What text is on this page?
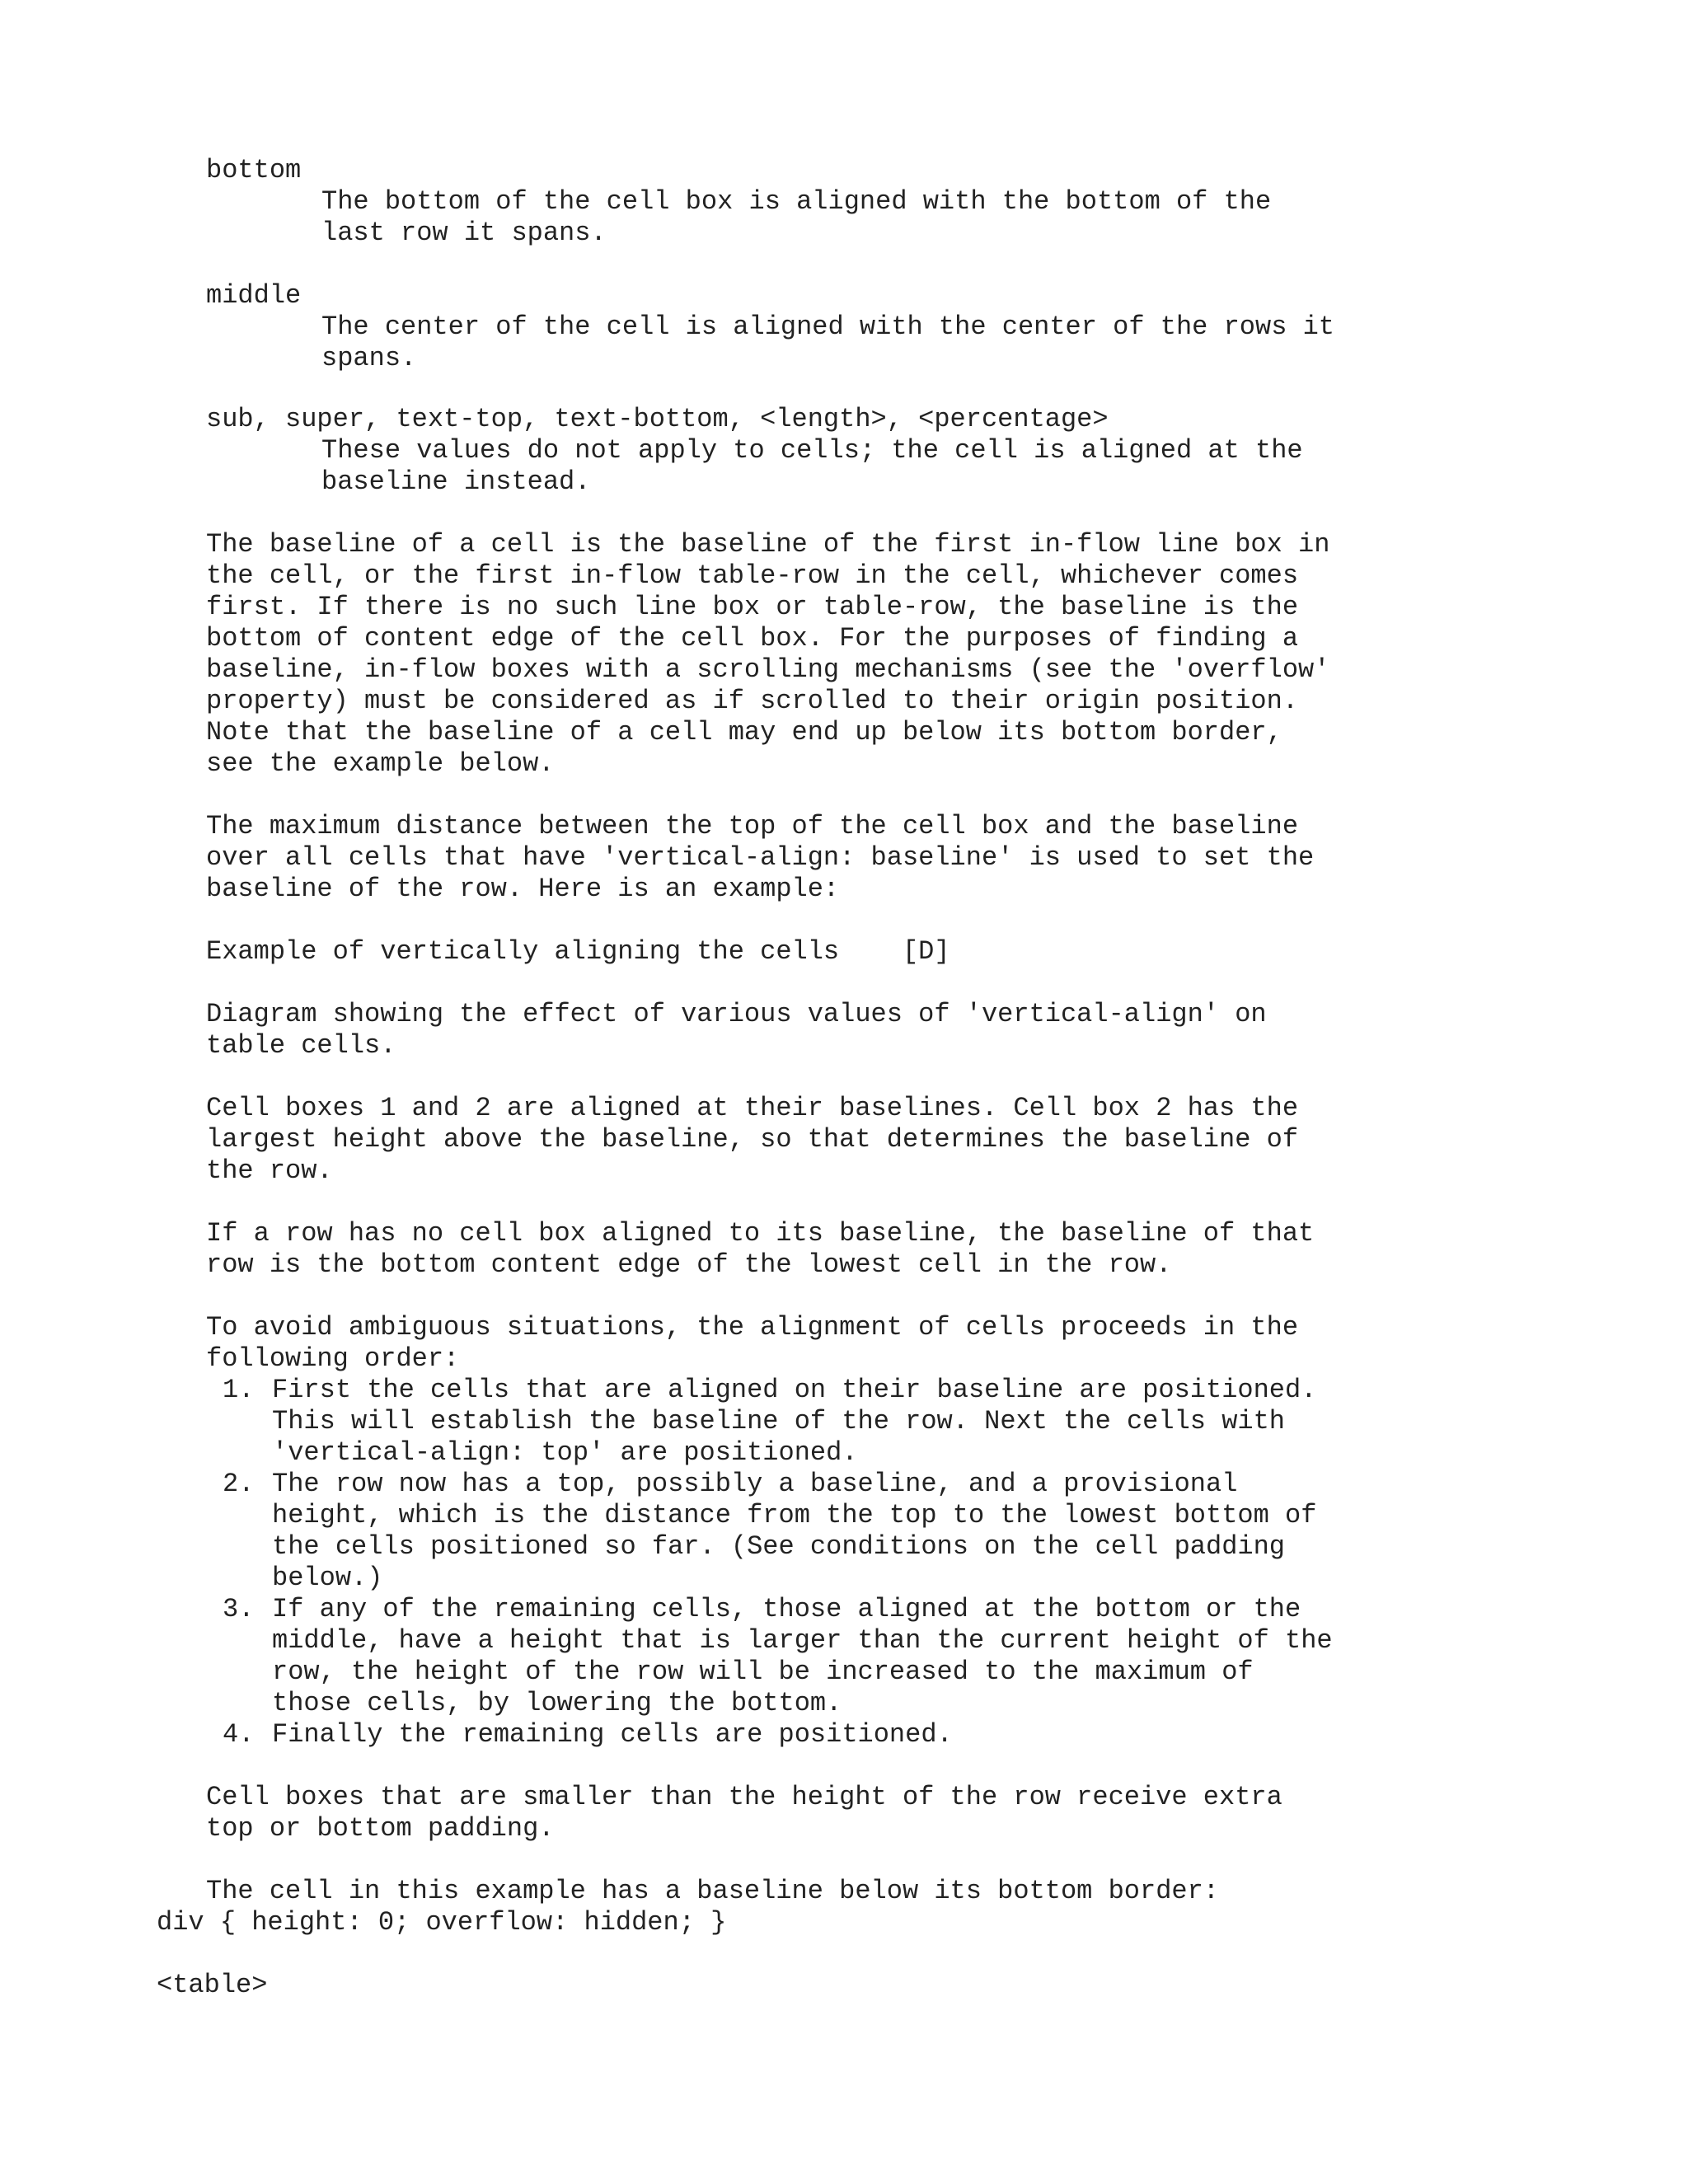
bottom
The bottom of the cell box is aligned with the bottom of the
last row it spans.
middle
The center of the cell is aligned with the center of the rows it
spans.
sub, super, text-top, text-bottom, <length>, <percentage>
These values do not apply to cells; the cell is aligned at the
baseline instead.
The baseline of a cell is the baseline of the first in-flow line box in
the cell, or the first in-flow table-row in the cell, whichever comes
first. If there is no such line box or table-row, the baseline is the
bottom of content edge of the cell box. For the purposes of finding a
baseline, in-flow boxes with a scrolling mechanisms (see the 'overflow'
property) must be considered as if scrolled to their origin position.
Note that the baseline of a cell may end up below its bottom border,
see the example below.
The maximum distance between the top of the cell box and the baseline
over all cells that have 'vertical-align: baseline' is used to set the
baseline of the row. Here is an example:
Example of vertically aligning the cells    [D]
Diagram showing the effect of various values of 'vertical-align' on
table cells.
Cell boxes 1 and 2 are aligned at their baselines. Cell box 2 has the
largest height above the baseline, so that determines the baseline of
the row.
If a row has no cell box aligned to its baseline, the baseline of that
row is the bottom content edge of the lowest cell in the row.
To avoid ambiguous situations, the alignment of cells proceeds in the
following order:
1. First the cells that are aligned on their baseline are positioned.
This will establish the baseline of the row. Next the cells with
'vertical-align: top' are positioned.
2. The row now has a top, possibly a baseline, and a provisional
height, which is the distance from the top to the lowest bottom of
the cells positioned so far. (See conditions on the cell padding
below.)
3. If any of the remaining cells, those aligned at the bottom or the
middle, have a height that is larger than the current height of the
row, the height of the row will be increased to the maximum of
those cells, by lowering the bottom.
4. Finally the remaining cells are positioned.
Cell boxes that are smaller than the height of the row receive extra
top or bottom padding.
The cell in this example has a baseline below its bottom border:
div { height: 0; overflow: hidden; }
<table>
